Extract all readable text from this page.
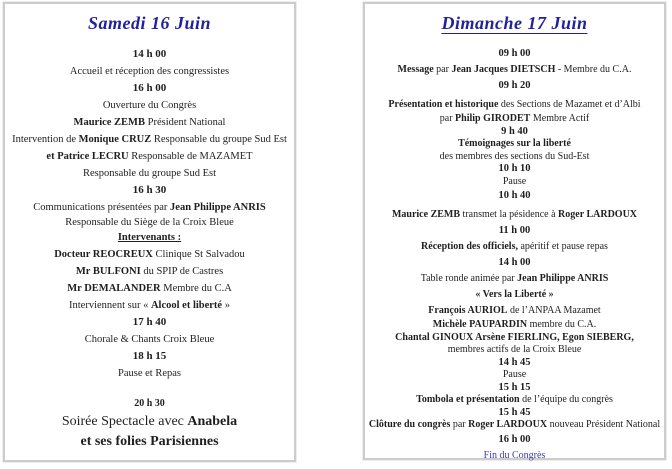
Samedi 16 Juin
14 h 00
Accueil et réception des congressistes
16 h 00
Ouverture du Congrès
Maurice ZEMB Président National
Intervention de Monique CRUZ Responsable du groupe Sud Est
et Patrice LECRU Responsable de MAZAMET
Responsable du groupe Sud Est
16 h 30
Communications présentées par Jean Philippe ANRIS
Responsable du Siège de la Croix Bleue
Intervenants :
Docteur REOCREUX Clinique St Salvadou
Mr BULFONI du SPIP de Castres
Mr DEMALANDER Membre du C.A
Interviennent sur « Alcool et liberté »
17 h 40
Chorale & Chants Croix Bleue
18 h 15
Pause et Repas
20 h 30
Soirée Spectacle avec Anabela
et ses folies Parisiennes
Dimanche 17 Juin
09 h 00
Message par Jean Jacques DIETSCH - Membre du C.A.
09 h 20
Présentation et historique des Sections de Mazamet et d’Albi
par Philip GIRODET Membre Actif
9 h 40
Témoignages sur la liberté
des membres des sections du Sud-Est
10 h 10
Pause
10 h 40
Maurice ZEMB transmet la pésidence à Roger LARDOUX
11 h 00
Réception des officiels, apéritif et pause repas
14 h 00
Table ronde animée par Jean Philippe ANRIS
« Vers la Liberté »
François AURIOL de l’ANPAA Mazamet
Michèle PAUPARDIN membre du C.A.
Chantal GINOUX Arsène FIERLING, Egon SIEBERG,
membres actifs de la Croix Bleue
14 h 45
Pause
15 h 15
Tombola et présentation de l’équipe du congrès
15 h 45
Clôture du congrès par Roger LARDOUX nouveau Président National
16 h 00
Fin du Congrès
